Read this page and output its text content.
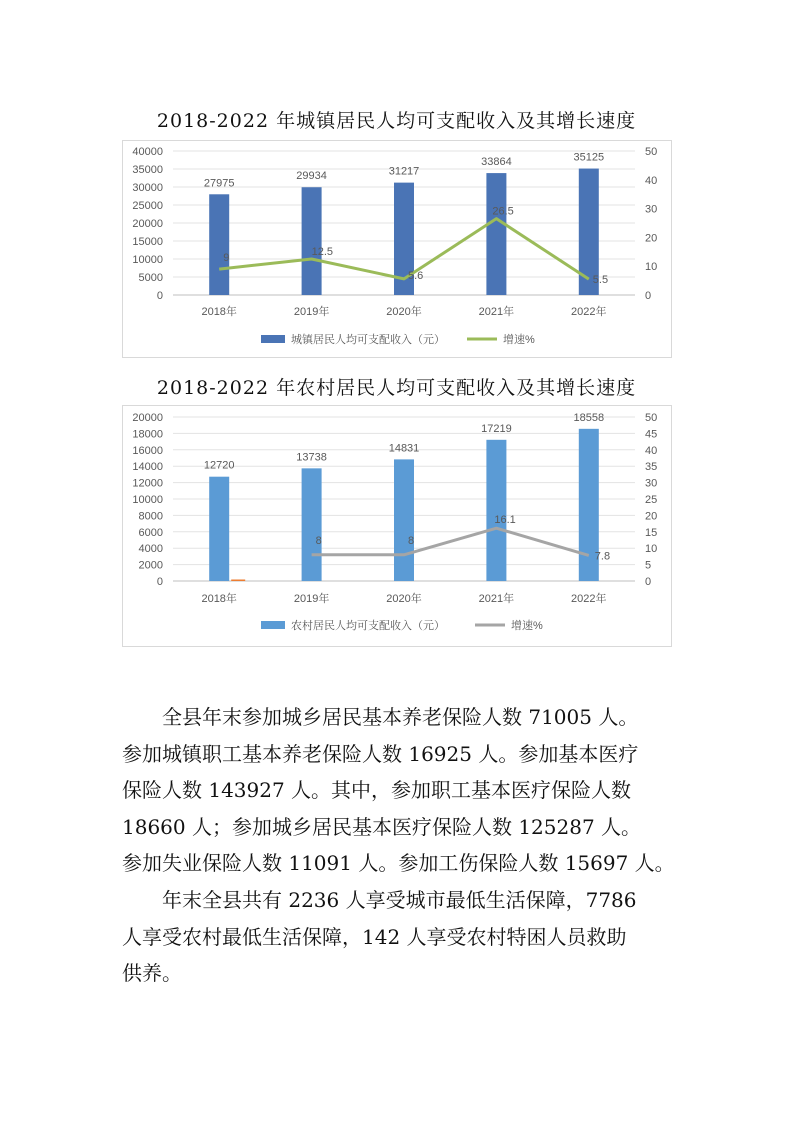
2018-2022 年城镇居民人均可支配收入及其增长速度
0
5000
10000
15000
20000
25000
30000
35000
40000
0
10
20
30
40
50
27975
29934	31217
33864	35125
9
12.5
5.6
26.5
5.5
2018年	2019年	2020年	2021年	2022年
城镇居民人均可支配收入（元）	增速%
2018-2022 年农村居民人均可支配收入及其增长速度
0
2000
4000
6000
8000
10000
12000
14000
16000
18000
20000
0
5
10
15
20
25
30
35
40
45
50
12720
13738
14831
17219
18558
8	8
16.1
7.8
2018年	2019年	2020年	2021年	2022年
农村居民人均可支配收入（元）	增速%

　　全县年末参加城乡居民基本养老保险人数 71005 人。

参加城镇职工基本养老保险人数 16925 人。参加基本医疗

保险人数 143927 人。其中，参加职工基本医疗保险人数

18660 人；参加城乡居民基本医疗保险人数 125287 人。

参加失业保险人数 11091 人。参加工伤保险人数 15697 人。

　　年末全县共有 2236 人享受城市最低生活保障，7786

人享受农村最低生活保障，142 人享受农村特困人员救助

供养。
